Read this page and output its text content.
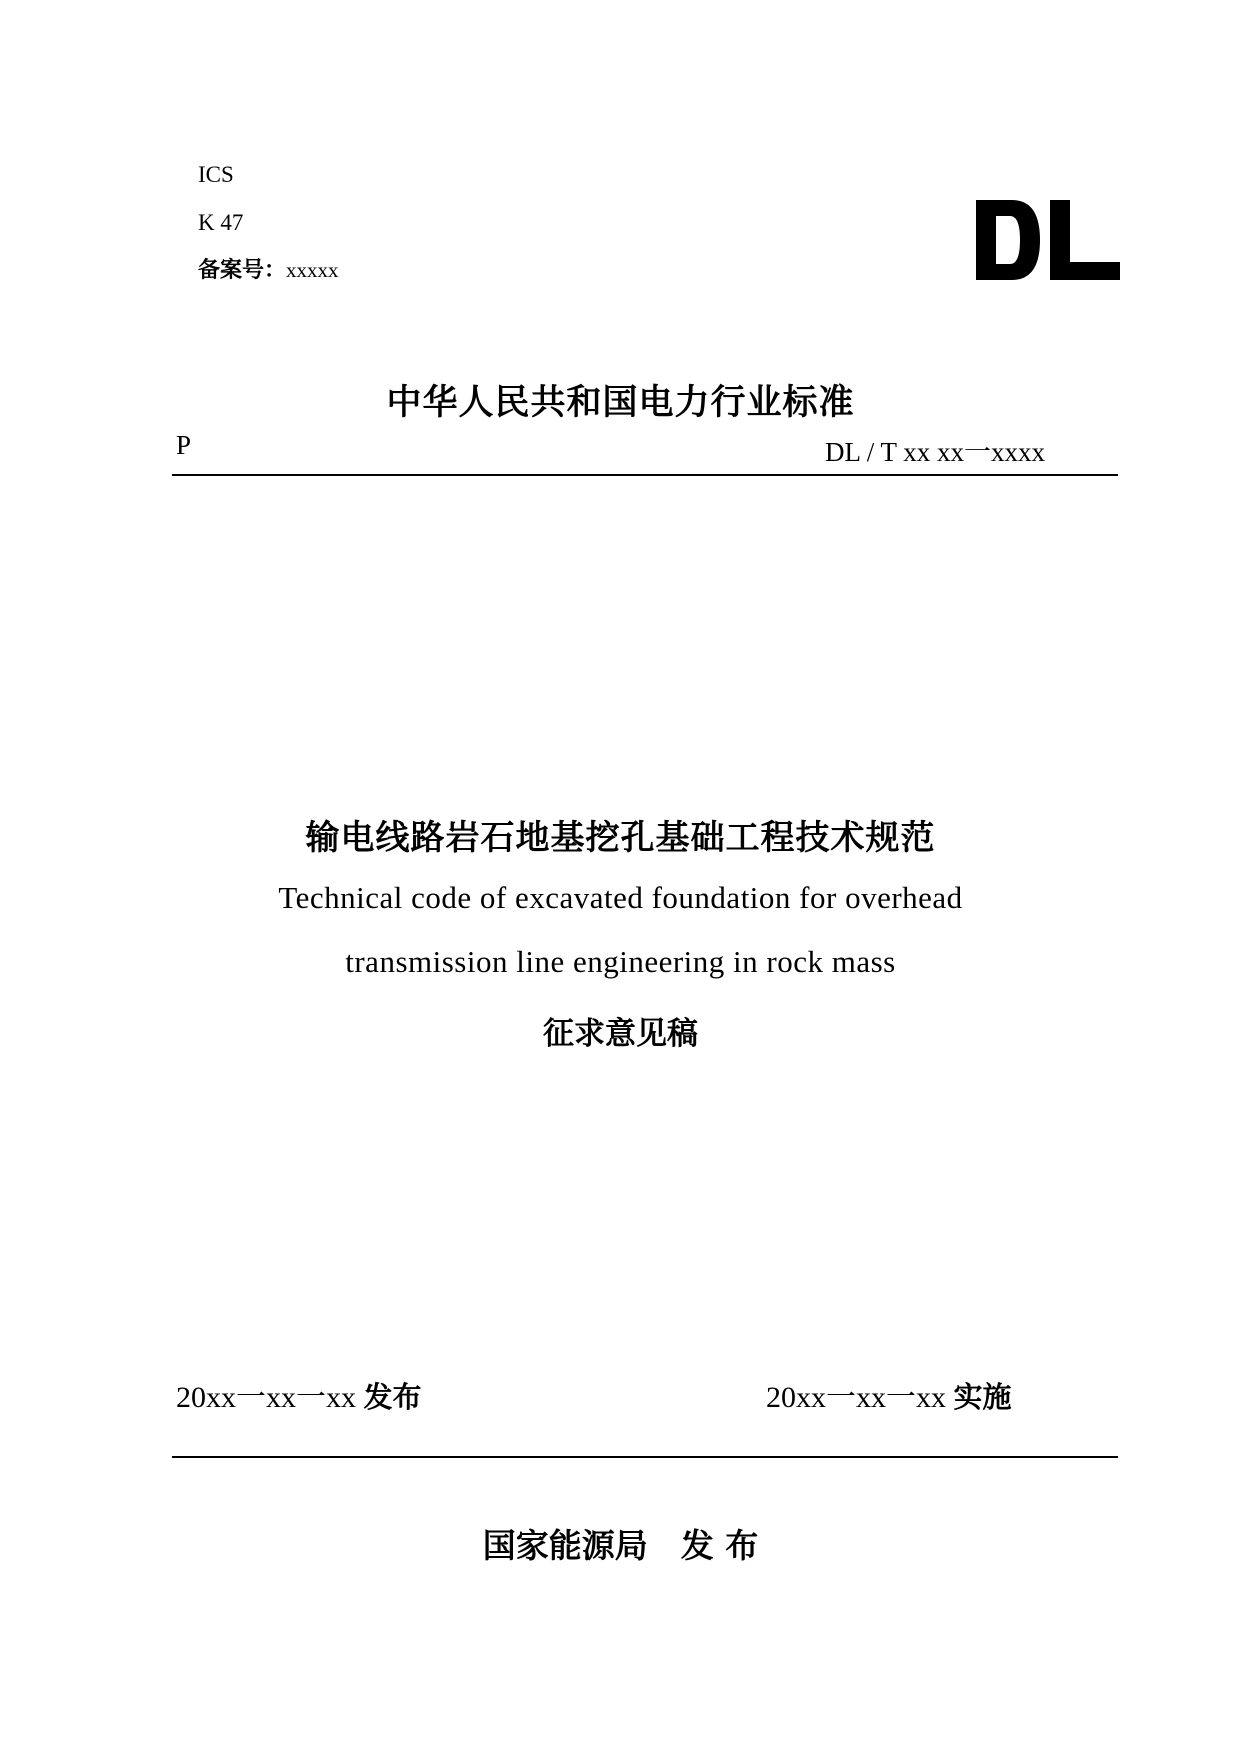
ICS
K 47
备案号：xxxxx
中华人民共和国电力行业标准
P	DL / T xx xx一xxxx
输电线路岩石地基挖孔基础工程技术规范
Technical code of excavated foundation for overhead
transmission line engineering in rock mass
征求意见稿
20xx一xx一xx 发布	20xx一xx一xx 实施
国家能源局　发 布
